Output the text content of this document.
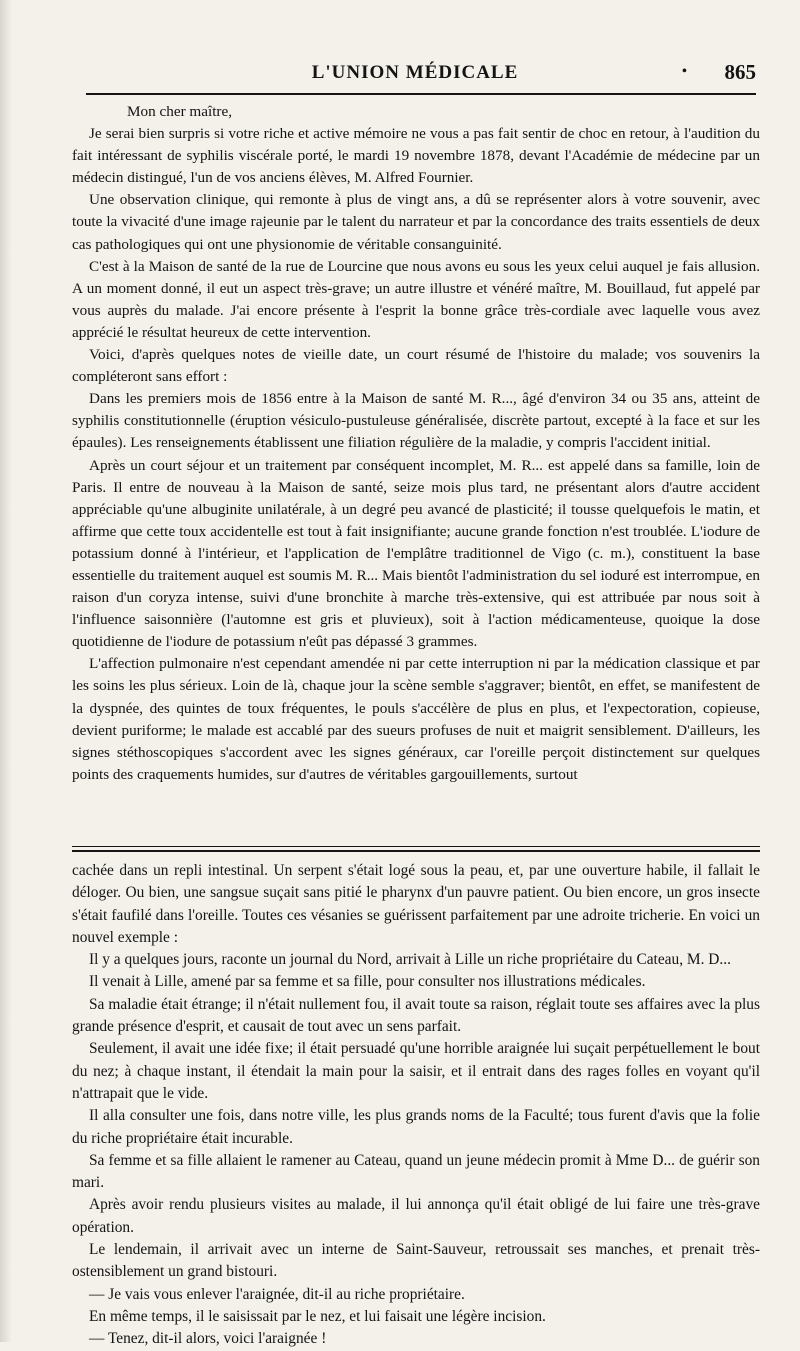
L'UNION MÉDICALE	• 865

Mon cher maître,

Je serai bien surpris si votre riche et active mémoire ne vous a pas fait sentir de choc en retour, à l'audition du fait intéressant de syphilis viscérale porté, le mardi 19 novembre 1878, devant l'Académie de médecine par un médecin distingué, l'un de vos anciens élèves, M. Alfred Fournier.

Une observation clinique, qui remonte à plus de vingt ans, a dû se représenter alors à votre souvenir, avec toute la vivacité d'une image rajeunie par le talent du narrateur et par la concordance des traits essentiels de deux cas pathologiques qui ont une physionomie de véritable consanguinité.

C'est à la Maison de santé de la rue de Lourcine que nous avons eu sous les yeux celui auquel je fais allusion. A un moment donné, il eut un aspect très-grave; un autre illustre et vénéré maître, M. Bouillaud, fut appelé par vous auprès du malade. J'ai encore présente à l'esprit la bonne grâce très-cordiale avec laquelle vous avez apprécié le résultat heureux de cette intervention.

Voici, d'après quelques notes de vieille date, un court résumé de l'histoire du malade; vos souvenirs la compléteront sans effort :

Dans les premiers mois de 1856 entre à la Maison de santé M. R..., âgé d'environ 34 ou 35 ans, atteint de syphilis constitutionnelle (éruption vésiculo-pustuleuse généralisée, discrète partout, excepté à la face et sur les épaules). Les renseignements établissent une filiation régulière de la maladie, y compris l'accident initial.

Après un court séjour et un traitement par conséquent incomplet, M. R... est appelé dans sa famille, loin de Paris. Il entre de nouveau à la Maison de santé, seize mois plus tard, ne présentant alors d'autre accident appréciable qu'une albuginite unilatérale, à un degré peu avancé de plasticité; il tousse quelquefois le matin, et affirme que cette toux accidentelle est tout à fait insignifiante; aucune grande fonction n'est troublée. L'iodure de potassium donné à l'intérieur, et l'application de l'emplâtre traditionnel de Vigo (c. m.), constituent la base essentielle du traitement auquel est soumis M. R... Mais bientôt l'administration du sel ioduré est interrompue, en raison d'un coryza intense, suivi d'une bronchite à marche très-extensive, qui est attribuée par nous soit à l'influence saisonnière (l'automne est gris et pluvieux), soit à l'action médicamenteuse, quoique la dose quotidienne de l'iodure de potassium n'eût pas dépassé 3 grammes.

L'affection pulmonaire n'est cependant amendée ni par cette interruption ni par la médication classique et par les soins les plus sérieux. Loin de là, chaque jour la scène semble s'aggraver; bientôt, en effet, se manifestent de la dyspnée, des quintes de toux fréquentes, le pouls s'accélère de plus en plus, et l'expectoration, copieuse, devient puriforme; le malade est accablé par des sueurs profuses de nuit et maigrit sensiblement. D'ailleurs, les signes stéthoscopiques s'accordent avec les signes généraux, car l'oreille perçoit distinctement sur quelques points des craquements humides, sur d'autres de véritables gargouillements, surtout

cachée dans un repli intestinal. Un serpent s'était logé sous la peau, et, par une ouverture habile, il fallait le déloger. Ou bien, une sangsue suçait sans pitié le pharynx d'un pauvre patient. Ou bien encore, un gros insecte s'était faufilé dans l'oreille. Toutes ces vésanies se guérissent parfaitement par une adroite tricherie. En voici un nouvel exemple :

Il y a quelques jours, raconte un journal du Nord, arrivait à Lille un riche propriétaire du Cateau, M. D...

Il venait à Lille, amené par sa femme et sa fille, pour consulter nos illustrations médicales.

Sa maladie était étrange; il n'était nullement fou, il avait toute sa raison, réglait toute ses affaires avec la plus grande présence d'esprit, et causait de tout avec un sens parfait.

Seulement, il avait une idée fixe; il était persuadé qu'une horrible araignée lui suçait perpétuellement le bout du nez; à chaque instant, il étendait la main pour la saisir, et il entrait dans des rages folles en voyant qu'il n'attrapait que le vide.

Il alla consulter une fois, dans notre ville, les plus grands noms de la Faculté; tous furent d'avis que la folie du riche propriétaire était incurable.

Sa femme et sa fille allaient le ramener au Cateau, quand un jeune médecin promit à Mme D... de guérir son mari.

Après avoir rendu plusieurs visites au malade, il lui annonça qu'il était obligé de lui faire une très-grave opération.

Le lendemain, il arrivait avec un interne de Saint-Sauveur, retroussait ses manches, et prenait très-ostensiblement un grand bistouri.

— Je vais vous enlever l'araignée, dit-il au riche propriétaire.

En même temps, il le saisissait par le nez, et lui faisait une légère incision.

— Tenez, dit-il alors, voici l'araignée !
